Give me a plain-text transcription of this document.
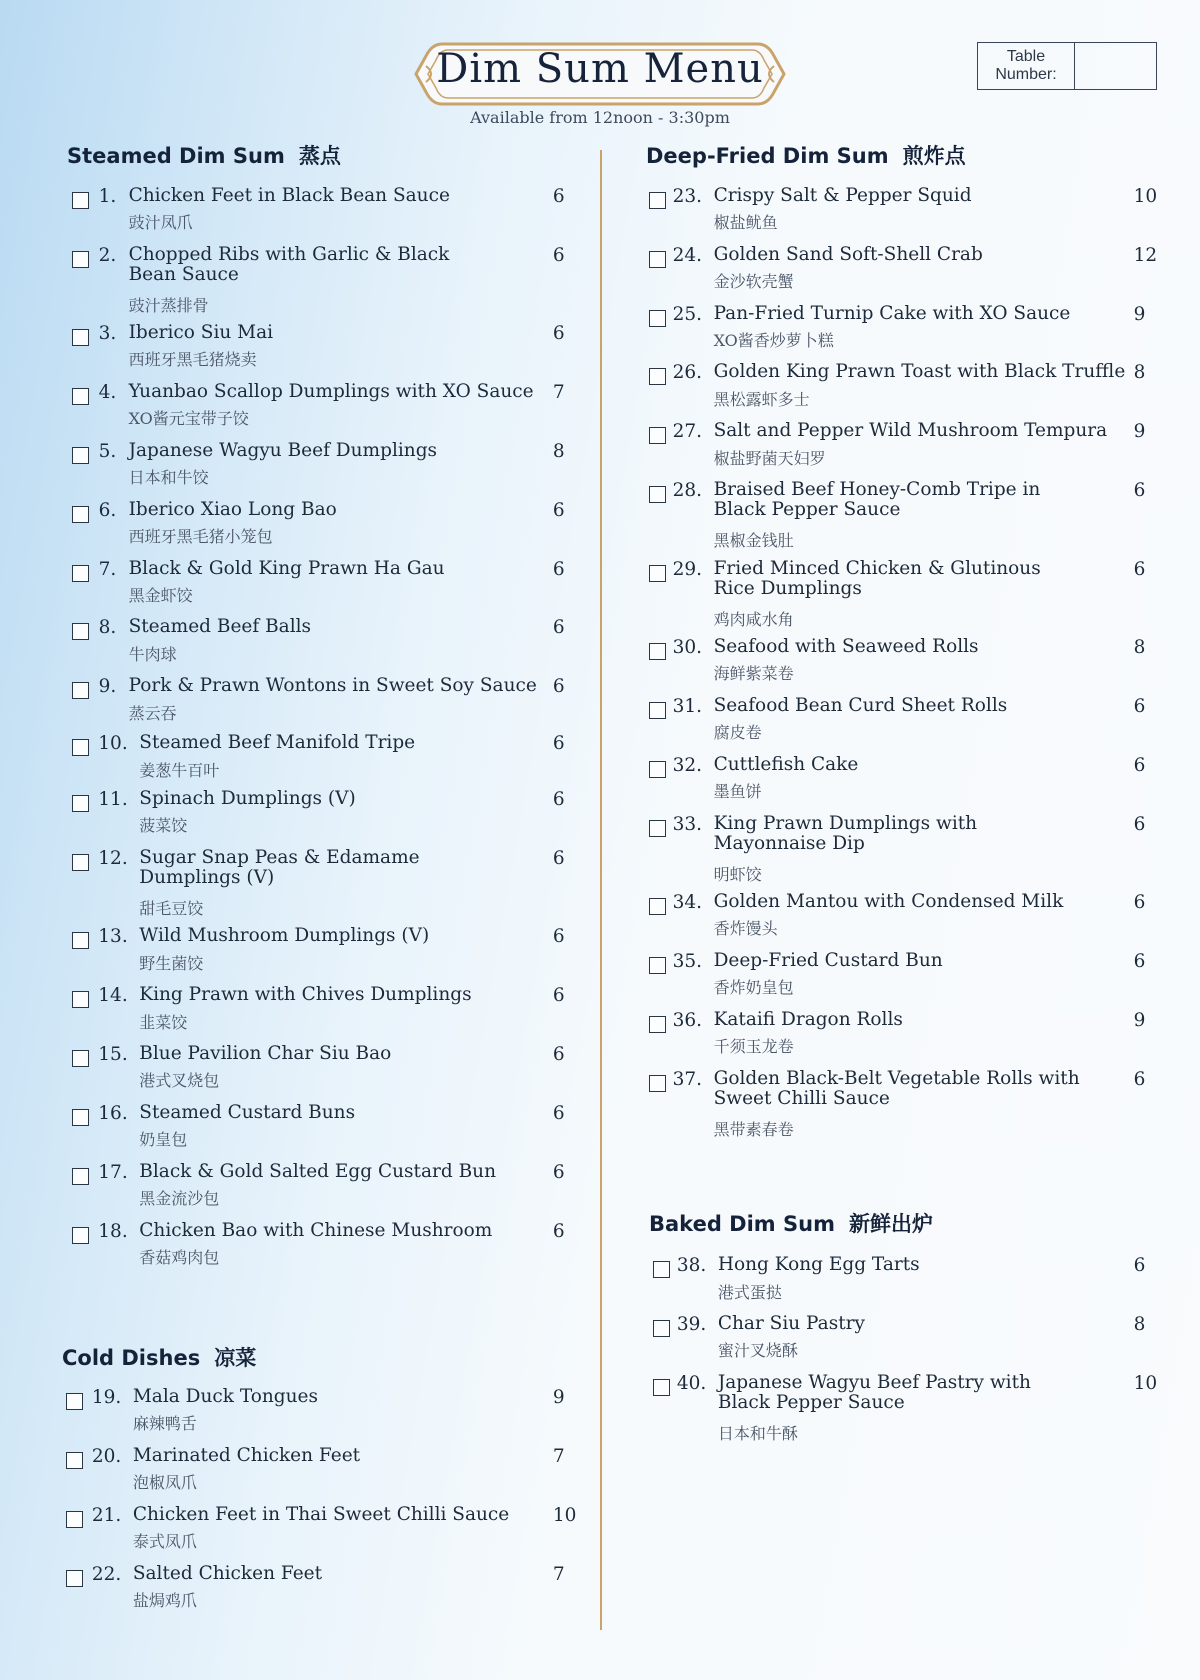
Dim Sum Menu
Available from 12noon - 3:30pm
Table Number:
Steamed Dim Sum 蒸点	Deep-Fried Dim Sum 煎炸点
Cold Dishes 凉菜
Baked Dim Sum 新鲜出炉
1. Chicken Feet in Black Bean Sauce
豉汁凤爪
6
2. Chopped Ribs with Garlic & Black Bean Sauce
豉汁蒸排骨
6
3. Iberico Siu Mai
西班牙黑毛猪烧卖
6
4. Yuanbao Scallop Dumplings with XO Sauce
XO酱元宝带子饺
7
5. Japanese Wagyu Beef Dumplings
日本和牛饺
8
6. Iberico Xiao Long Bao
西班牙黑毛猪小笼包
6
7. Black & Gold King Prawn Ha Gau
黑金虾饺
6
8. Steamed Beef Balls
牛肉球
6
9. Pork & Prawn Wontons in Sweet Soy Sauce
蒸云吞
6
10. Steamed Beef Manifold Tripe
姜葱牛百叶
6
11. Spinach Dumplings (V)
菠菜饺
6
12. Sugar Snap Peas & Edamame Dumplings (V)
甜毛豆饺
6
13. Wild Mushroom Dumplings (V)
野生菌饺
6
14. King Prawn with Chives Dumplings
韭菜饺
6
15. Blue Pavilion Char Siu Bao
港式叉烧包
6
16. Steamed Custard Buns
奶皇包
6
17. Black & Gold Salted Egg Custard Bun
黑金流沙包
6
18. Chicken Bao with Chinese Mushroom
香菇鸡肉包
6
19. Mala Duck Tongues
麻辣鸭舌
9
20. Marinated Chicken Feet
泡椒凤爪
7
21. Chicken Feet in Thai Sweet Chilli Sauce
泰式凤爪
10
22. Salted Chicken Feet
盐焗鸡爪
7
23. Crispy Salt & Pepper Squid
椒盐鱿鱼
10
24. Golden Sand Soft-Shell Crab
金沙软壳蟹
12
25. Pan-Fried Turnip Cake with XO Sauce
XO酱香炒萝卜糕
9
26. Golden King Prawn Toast with Black Truffle
黑松露虾多士
8
27. Salt and Pepper Wild Mushroom Tempura
椒盐野菌天妇罗
9
28. Braised Beef Honey-Comb Tripe in Black Pepper Sauce
黑椒金钱肚
6
29. Fried Minced Chicken & Glutinous Rice Dumplings
鸡肉咸水角
6
30. Seafood with Seaweed Rolls
海鲜紫菜卷
8
31. Seafood Bean Curd Sheet Rolls
腐皮卷
6
32. Cuttlefish Cake
墨鱼饼
6
33. King Prawn Dumplings with Mayonnaise Dip
明虾饺
6
34. Golden Mantou with Condensed Milk
香炸馒头
6
35. Deep-Fried Custard Bun
香炸奶皇包
6
36. Kataifi Dragon Rolls
千须玉龙卷
9
37. Golden Black-Belt Vegetable Rolls with Sweet Chilli Sauce
黑带素春卷
6
38. Hong Kong Egg Tarts
港式蛋挞
6
39. Char Siu Pastry
蜜汁叉烧酥
8
40. Japanese Wagyu Beef Pastry with Black Pepper Sauce
日本和牛酥
10
